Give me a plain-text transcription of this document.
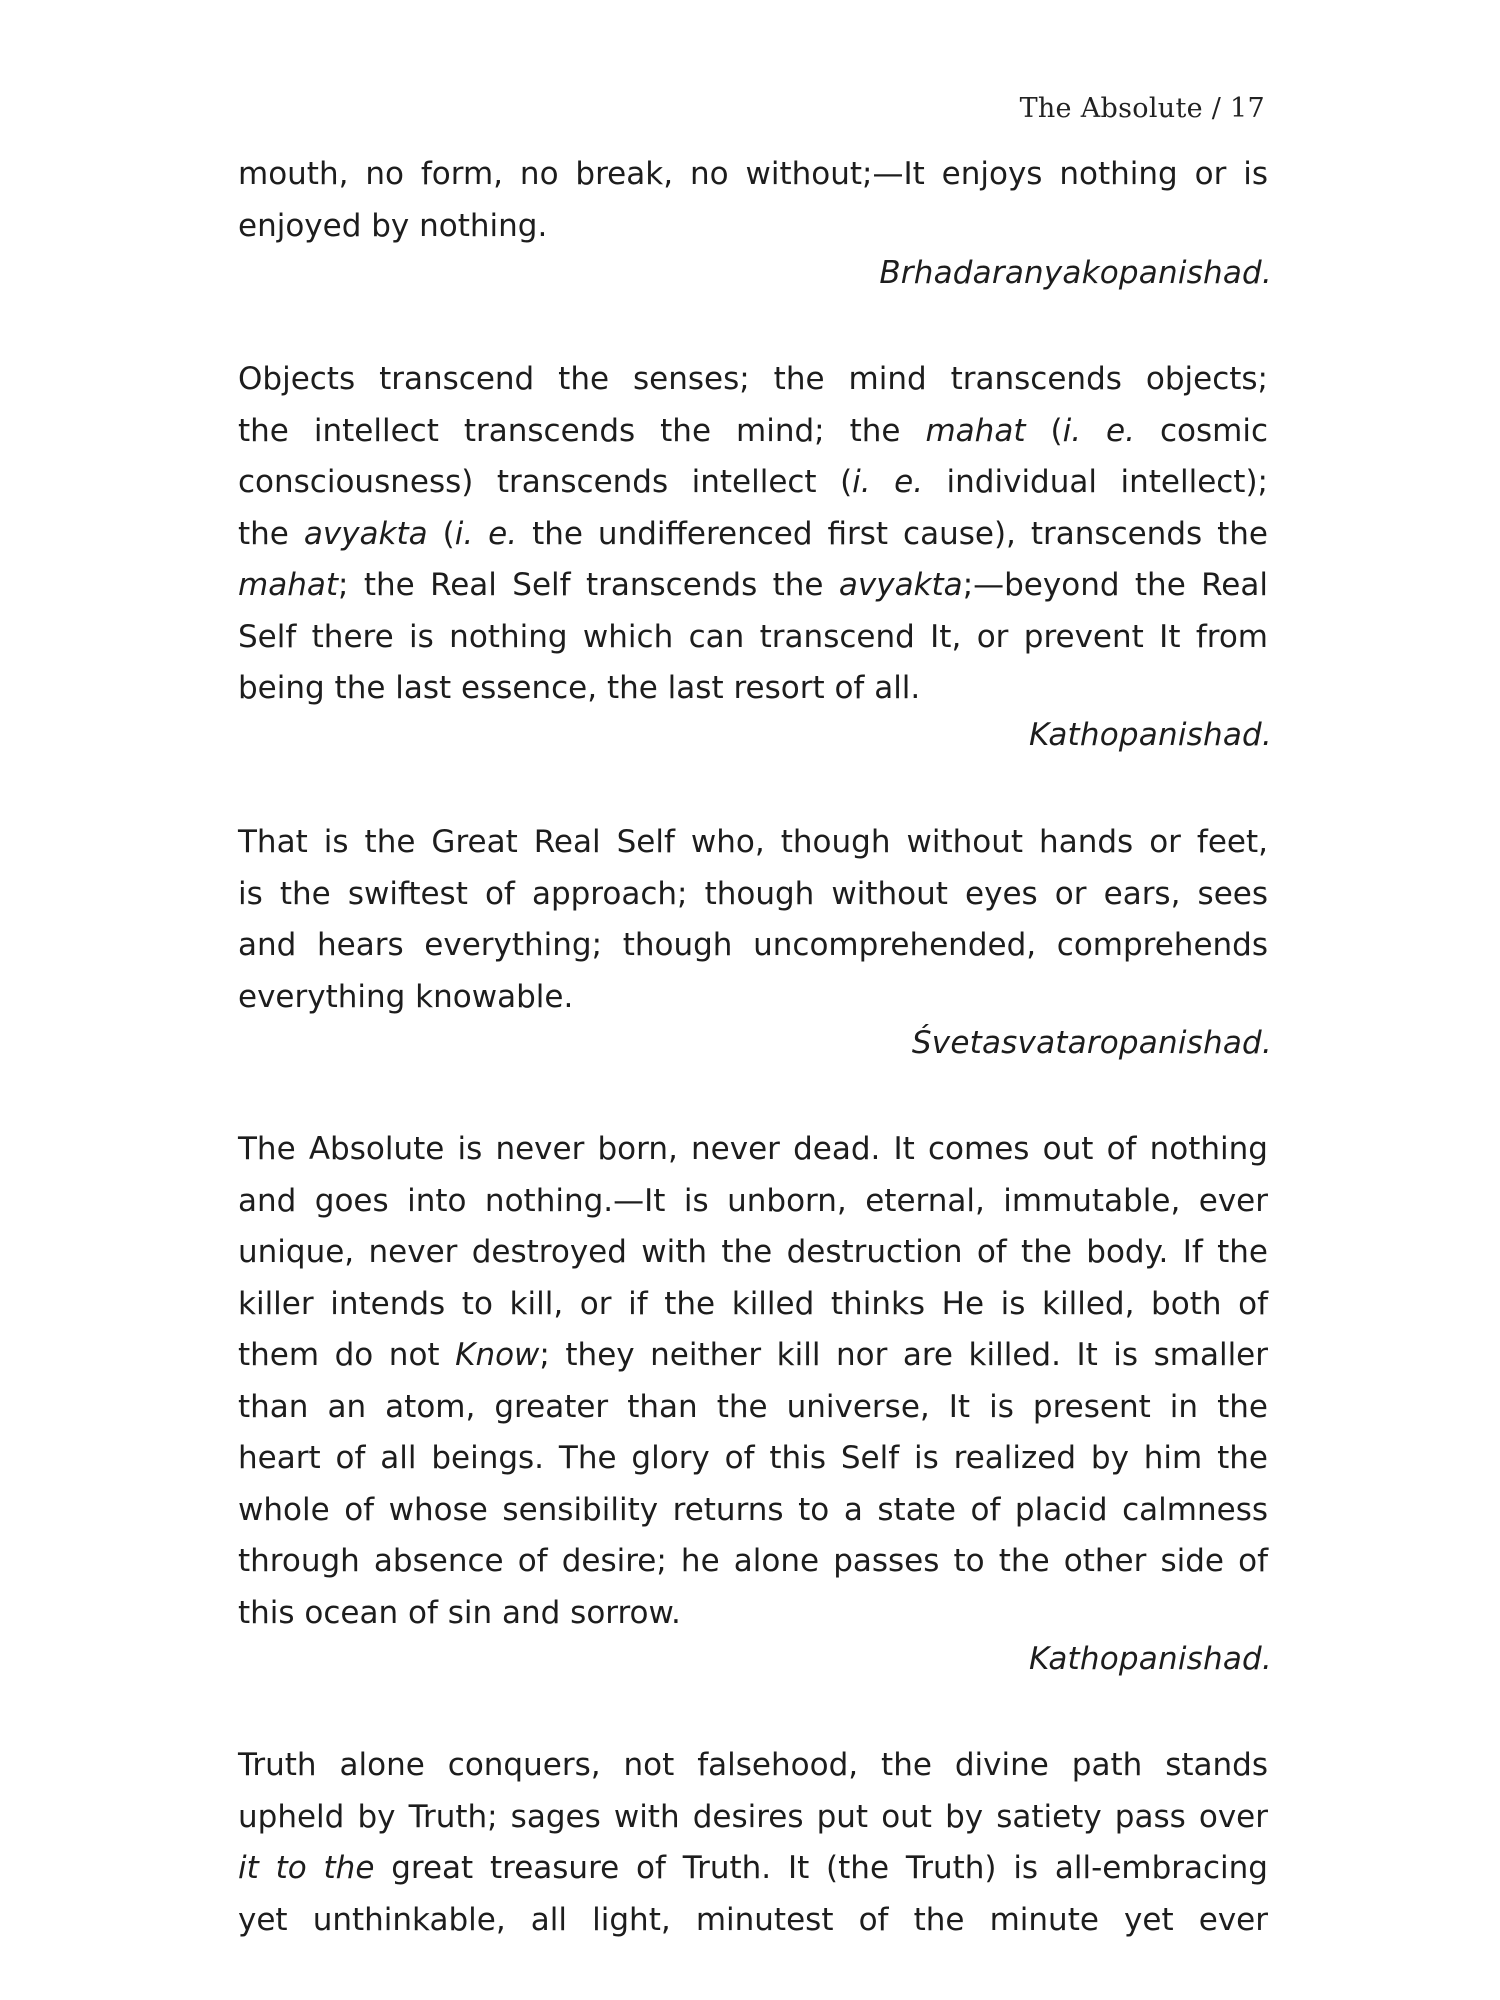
The Absolute / 17
mouth, no form, no break, no without;—It enjoys nothing or is
enjoyed by nothing.
Brhadaranyakopanishad.
Objects transcend the senses; the mind transcends objects;
the intellect transcends the mind; the mahat (i. e. cosmic
consciousness) transcends intellect (i. e. individual intellect);
the avyakta (i. e. the undifferenced first cause), transcends the
mahat; the Real Self transcends the avyakta;—beyond the Real
Self there is nothing which can transcend It, or prevent It from
being the last essence, the last resort of all.
Kathopanishad.
That is the Great Real Self who, though without hands or feet,
is the swiftest of approach; though without eyes or ears, sees
and hears everything; though uncomprehended, comprehends
everything knowable.
Śvetasvataropanishad.
The Absolute is never born, never dead. It comes out of nothing
and goes into nothing.—It is unborn, eternal, immutable, ever
unique, never destroyed with the destruction of the body. If the
killer intends to kill, or if the killed thinks He is killed, both of
them do not Know; they neither kill nor are killed. It is smaller
than an atom, greater than the universe, It is present in the
heart of all beings. The glory of this Self is realized by him the
whole of whose sensibility returns to a state of placid calmness
through absence of desire; he alone passes to the other side of
this ocean of sin and sorrow.
Kathopanishad.
Truth alone conquers, not falsehood, the divine path stands
upheld by Truth; sages with desires put out by satiety pass over
it to the great treasure of Truth. It (the Truth) is all-embracing
yet unthinkable, all light, minutest of the minute yet ever
